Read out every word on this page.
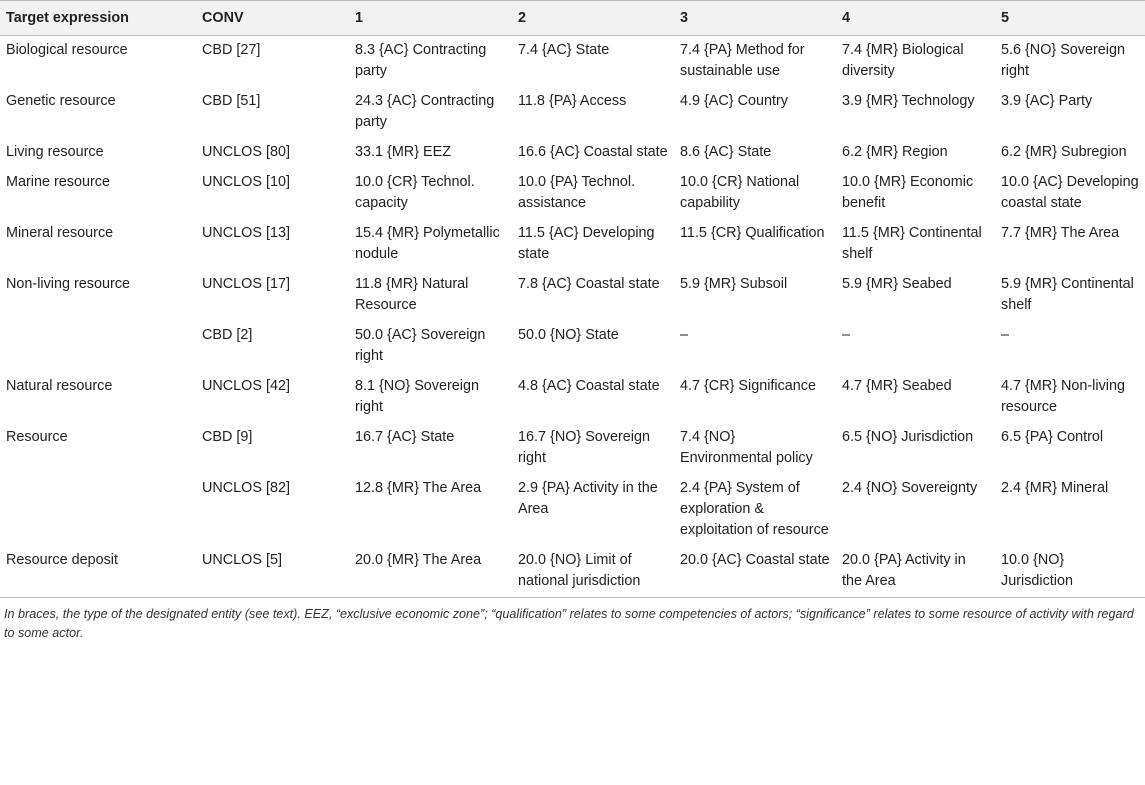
Target expression	CONV	1	2	3	4	5
Biological resource	CBD [27]	8.3 {AC} Contracting party	7.4 {AC} State	7.4 {PA} Method for sustainable use	7.4 {MR} Biological diversity	5.6 {NO} Sovereign right
Genetic resource	CBD [51]	24.3 {AC} Contracting party	11.8 {PA} Access	4.9 {AC} Country	3.9 {MR} Technology	3.9 {AC} Party
Living resource	UNCLOS [80]	33.1 {MR} EEZ	16.6 {AC} Coastal state	8.6 {AC} State	6.2 {MR} Region	6.2 {MR} Subregion
Marine resource	UNCLOS [10]	10.0 {CR} Technol. capacity	10.0 {PA} Technol. assistance	10.0 {CR} National capability	10.0 {MR} Economic benefit	10.0 {AC} Developing coastal state
Mineral resource	UNCLOS [13]	15.4 {MR} Polymetallic nodule	11.5 {AC} Developing state	11.5 {CR} Qualification	11.5 {MR} Continental shelf	7.7 {MR} The Area
Non-living resource	UNCLOS [17]	11.8 {MR} Natural Resource	7.8 {AC} Coastal state	5.9 {MR} Subsoil	5.9 {MR} Seabed	5.9 {MR} Continental shelf
	CBD [2]	50.0 {AC} Sovereign right	50.0 {NO} State	–	–	–
Natural resource	UNCLOS [42]	8.1 {NO} Sovereign right	4.8 {AC} Coastal state	4.7 {CR} Significance	4.7 {MR} Seabed	4.7 {MR} Non-living resource
Resource	CBD [9]	16.7 {AC} State	16.7 {NO} Sovereign right	7.4 {NO} Environmental policy	6.5 {NO} Jurisdiction	6.5 {PA} Control
	UNCLOS [82]	12.8 {MR} The Area	2.9 {PA} Activity in the Area	2.4 {PA} System of exploration & exploitation of resource	2.4 {NO} Sovereignty	2.4 {MR} Mineral
Resource deposit	UNCLOS [5]	20.0 {MR} The Area	20.0 {NO} Limit of national jurisdiction	20.0 {AC} Coastal state	20.0 {PA} Activity in the Area	10.0 {NO} Jurisdiction
In braces, the type of the designated entity (see text). EEZ, “exclusive economic zone”; “qualification” relates to some competencies of actors; “significance” relates to some resource of activity with regard to some actor.
